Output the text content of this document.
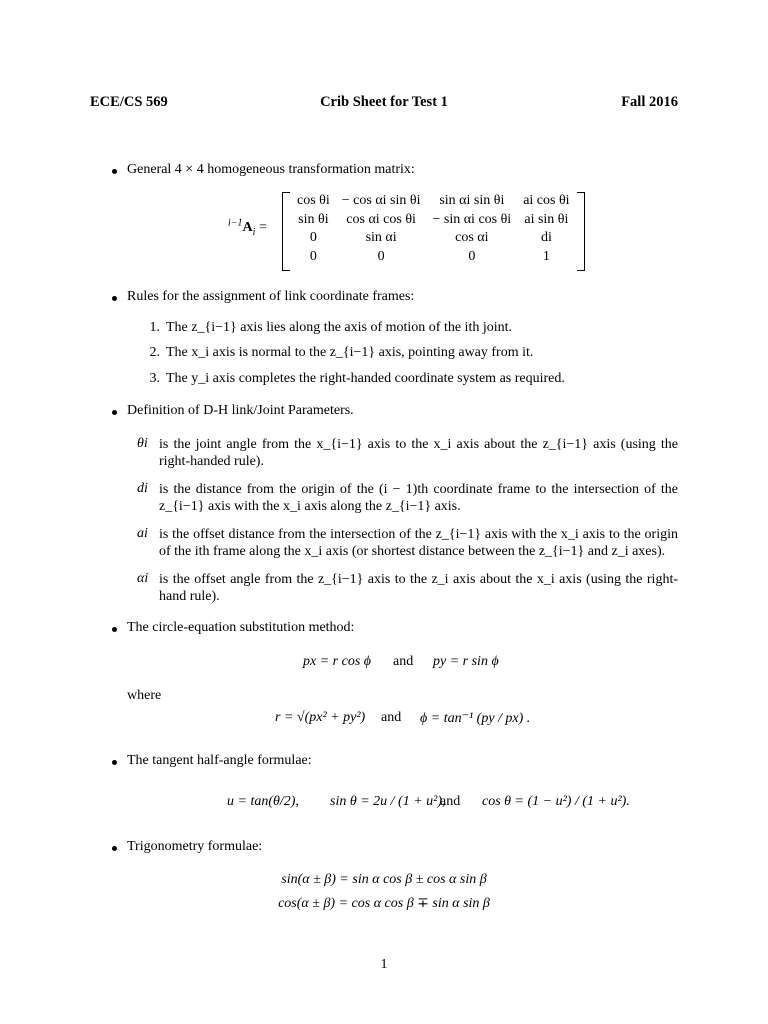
ECE/CS 569	Crib Sheet for Test 1	Fall 2016
General 4 × 4 homogeneous transformation matrix:
$^{i-1}A_i$ =
cos θi	− cos αi sin θi	sin αi sin θi	ai cos θi
sin θi	cos αi cos θi	− sin αi cos θi	ai sin θi
0	sin αi	cos αi	di
0	0	0	1
Rules for the assignment of link coordinate frames:
1. The z_{i−1} axis lies along the axis of motion of the ith joint.
2. The x_i axis is normal to the z_{i−1} axis, pointing away from it.
3. The y_i axis completes the right-handed coordinate system as required.
Definition of D-H link/Joint Parameters.
θi is the joint angle from the x_{i−1} axis to the x_i axis about the z_{i−1} axis (using the right-handed rule).
di is the distance from the origin of the (i − 1)th coordinate frame to the intersection of the z_{i−1} axis with the x_i axis along the z_{i−1} axis.
ai is the offset distance from the intersection of the z_{i−1} axis with the x_i axis to the origin of the ith frame along the x_i axis (or shortest distance between the z_{i−1} and z_i axes).
αi is the offset angle from the z_{i−1} axis to the z_i axis about the x_i axis (using the right-hand rule).
The circle-equation substitution method:
px = r cos ϕ and py = r sin ϕ
where
r = √(px² + py²) and ϕ = tan⁻¹ (py / px) .
The tangent half-angle formulae:
u = tan(θ/2), sin θ = 2u / (1 + u²),
and cos θ = (1 − u²) / (1 + u²).
Trigonometry formulae:
sin(α ± β) = sin α cos β ± cos α sin β
cos(α ± β) = cos α cos β ∓ sin α sin β
1
